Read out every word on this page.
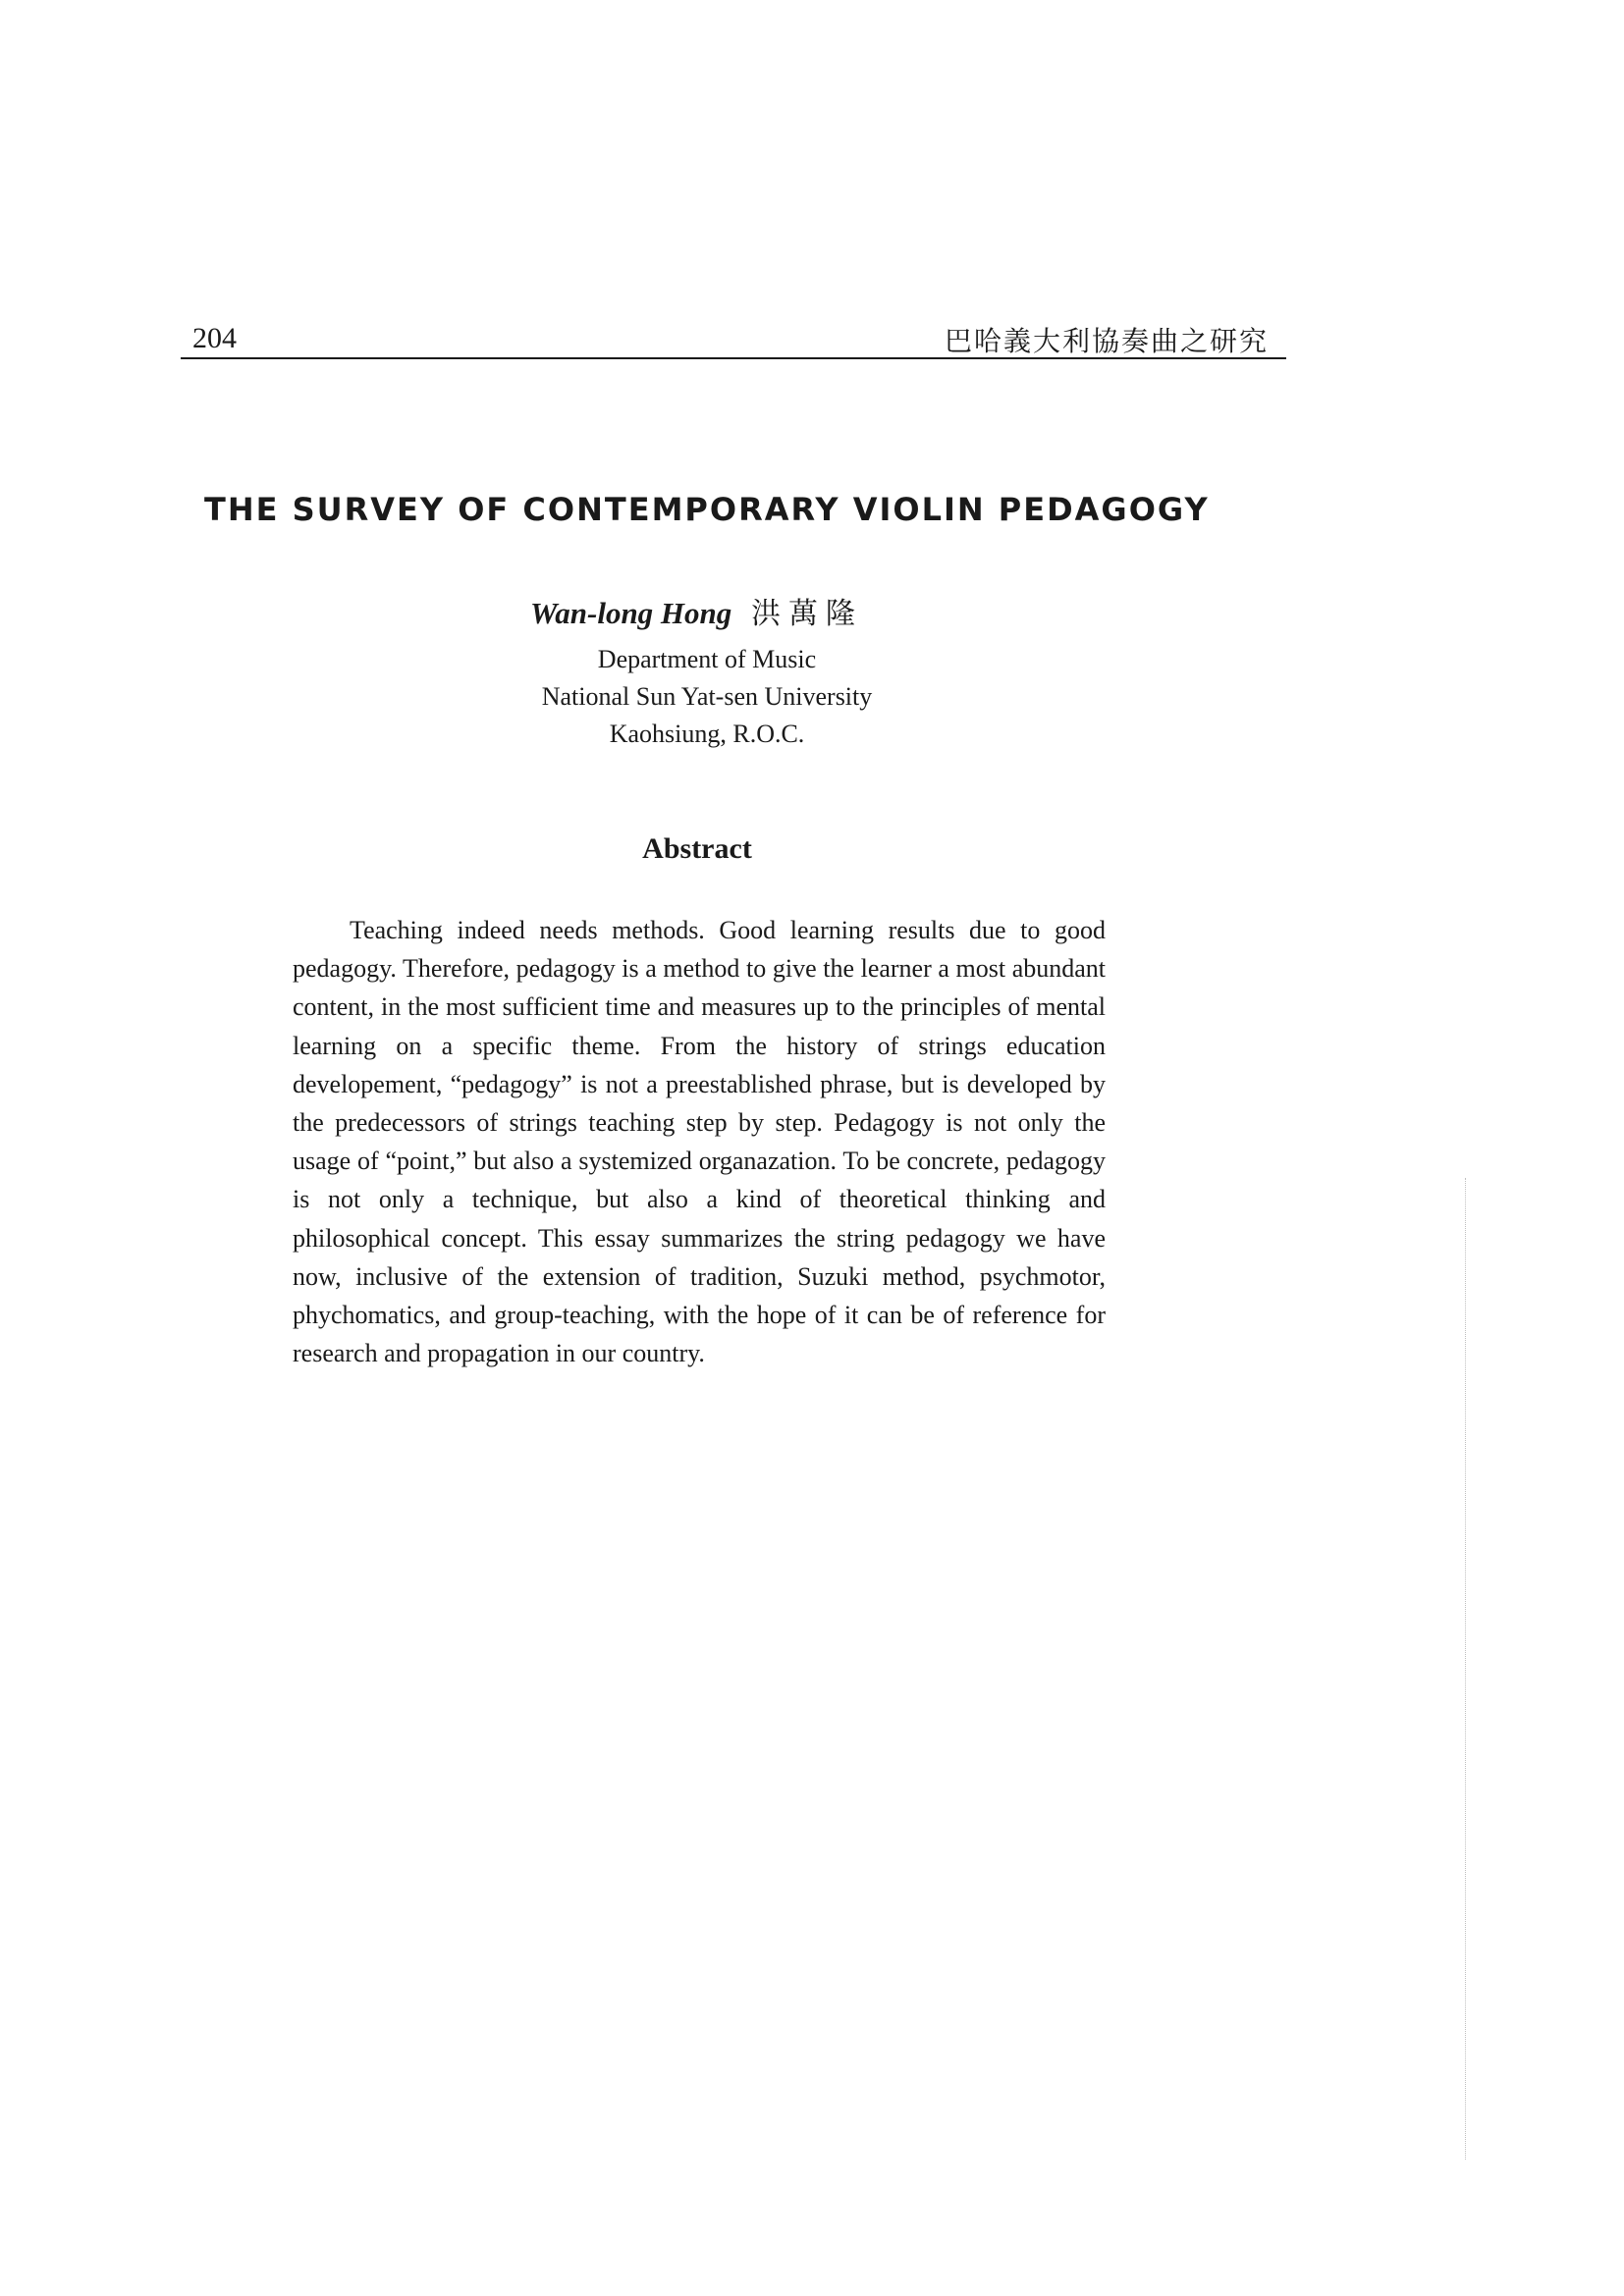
204	巴哈義大利協奏曲之研究
THE SURVEY OF CONTEMPORARY VIOLIN PEDAGOGY
Wan-long Hong 洪萬隆
Department of Music
National Sun Yat-sen University
Kaohsiung, R.O.C.
Abstract
Teaching indeed needs methods. Good learning results due to good pedagogy. Therefore, pedagogy is a method to give the learner a most abundant content, in the most sufficient time and measures up to the principles of mental learning on a specific theme. From the history of strings education developement, “pedagogy” is not a preestablished phrase, but is developed by the predecessors of strings teaching step by step. Pedagogy is not only the usage of “point,” but also a systemized organazation. To be concrete, pedagogy is not only a technique, but also a kind of theoretical thinking and philosophical concept. This essay summarizes the string pedagogy we have now, inclusive of the extension of tradition, Suzuki method, psychmotor, phychomatics, and group-teaching, with the hope of it can be of reference for research and propagation in our country.
